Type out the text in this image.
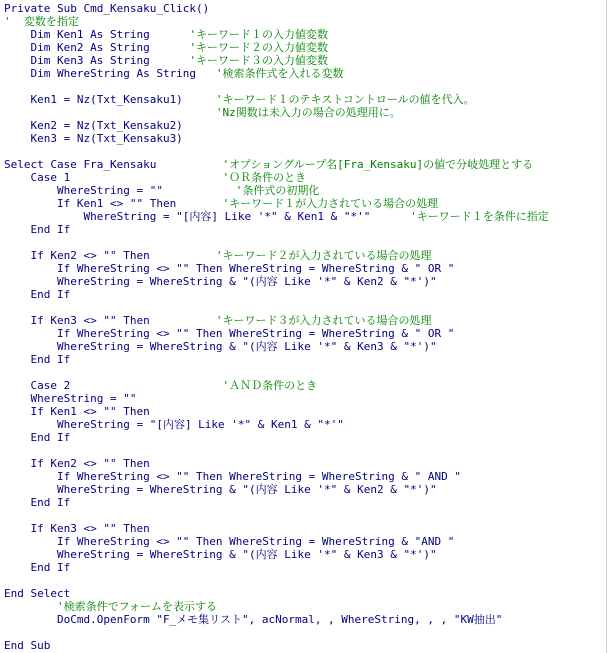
Private Sub Cmd_Kensaku_Click()
'  変数を指定
Dim Ken1 As String      'キーワード１の入力値変数
Dim Ken2 As String      'キーワード２の入力値変数
Dim Ken3 As String      'キーワード３の入力値変数
Dim WhereString As String   '検索条件式を入れる変数
Ken1 = Nz(Txt_Kensaku1)     'キーワード１のテキストコントロールの値を代入。
'Nz関数は未入力の場合の処理用に。
Ken2 = Nz(Txt_Kensaku2)
Ken3 = Nz(Txt_Kensaku3)
Select Case Fra_Kensaku          'オプショングループ名[Fra_Kensaku]の値で分岐処理とする
Case 1                       'ＯＲ条件のとき
WhereString = ""           '条件式の初期化
If Ken1 <> "" Then       'キーワード１が入力されている場合の処理
WhereString = "[内容] Like '*" & Ken1 & "*'"      'キーワード１を条件に指定
End If
If Ken2 <> "" Then          'キーワード２が入力されている場合の処理
If WhereString <> "" Then WhereString = WhereString & " OR "
WhereString = WhereString & "(内容 Like '*" & Ken2 & "*')"
End If
If Ken3 <> "" Then          'キーワード３が入力されている場合の処理
If WhereString <> "" Then WhereString = WhereString & " OR "
WhereString = WhereString & "(内容 Like '*" & Ken3 & "*')"
End If
Case 2                       'ＡＮＤ条件のとき
WhereString = ""
If Ken1 <> "" Then
WhereString = "[内容] Like '*" & Ken1 & "*'"
End If
If Ken2 <> "" Then
If WhereString <> "" Then WhereString = WhereString & " AND "
WhereString = WhereString & "(内容 Like '*" & Ken2 & "*')"
End If
If Ken3 <> "" Then
If WhereString <> "" Then WhereString = WhereString & "AND "
WhereString = WhereString & "(内容 Like '*" & Ken3 & "*')"
End If
End Select
'検索条件でフォームを表示する
DoCmd.OpenForm "F_メモ集リスト", acNormal, , WhereString, , , "KW抽出"
End Sub
